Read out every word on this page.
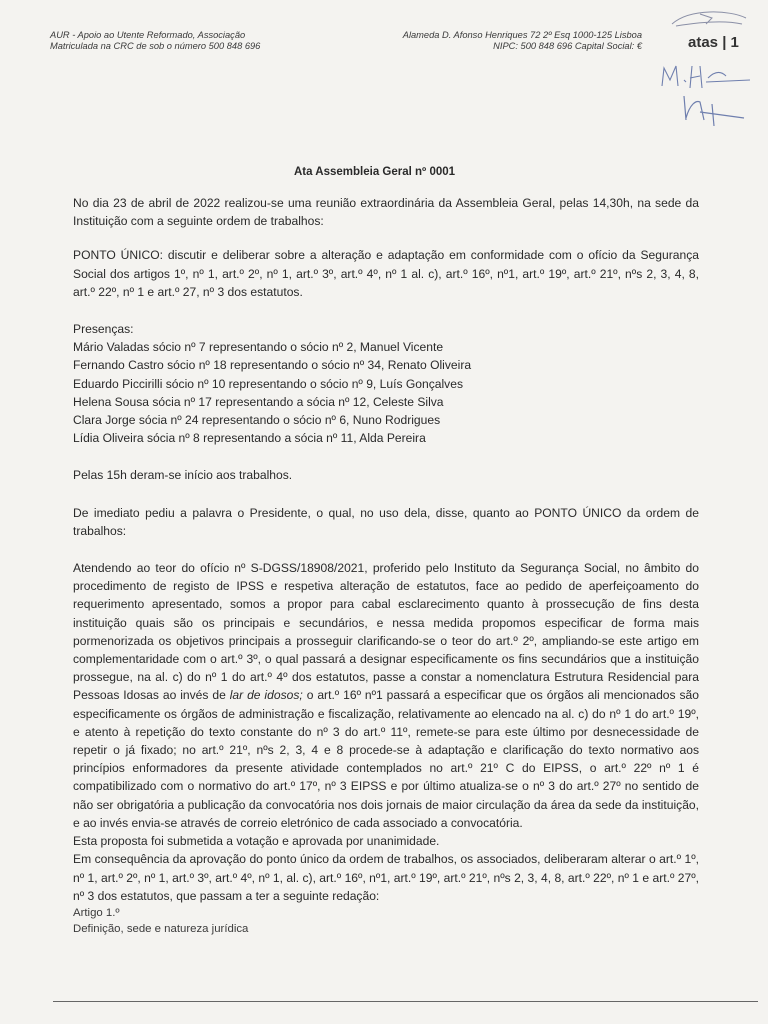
AUR - Apoio ao Utente Reformado, Associação
Matriculada na CRC de sob o número 500 848 696
Alameda D. Afonso Henriques 72 2º Esq 1000-125 Lisboa
NIPC: 500 848 696 Capital Social: €	atas | 1
Ata Assembleia Geral nº 0001

No dia 23 de abril de 2022 realizou-se uma reunião extraordinária da Assembleia Geral, pelas 14,30h, na sede da Instituição com a seguinte ordem de trabalhos:

PONTO ÚNICO: discutir e deliberar sobre a alteração e adaptação em conformidade com o ofício da Segurança Social dos artigos 1º, nº 1, art.º 2º, nº 1, art.º 3º, art.º 4º, nº 1 al. c), art.º 16º, nº1, art.º 19º, art.º 21º, nºs 2, 3, 4, 8, art.º 22º, nº 1 e art.º 27, nº 3 dos estatutos.

Presenças:

Mário Valadas sócio nº 7 representando o sócio nº 2, Manuel Vicente

Fernando Castro sócio nº 18 representando o sócio nº 34, Renato Oliveira

Eduardo Piccirilli sócio nº 10 representando o sócio nº 9, Luís Gonçalves

Helena Sousa sócia nº 17 representando a sócia nº 12, Celeste Silva

Clara Jorge sócia nº 24 representando o sócio nº 6, Nuno Rodrigues

Lídia Oliveira sócia nº 8 representando a sócia nº 11, Alda Pereira

Pelas 15h deram-se início aos trabalhos.

De imediato pediu a palavra o Presidente, o qual, no uso dela, disse, quanto ao PONTO ÚNICO da ordem de trabalhos:

Atendendo ao teor do ofício nº S-DGSS/18908/2021, proferido pelo Instituto da Segurança Social, no âmbito do procedimento de registo de IPSS e respetiva alteração de estatutos, face ao pedido de aperfeiçoamento do requerimento apresentado, somos a propor para cabal esclarecimento quanto à prossecução de fins desta instituição quais são os principais e secundários, e nessa medida propomos especificar de forma mais pormenorizada os objetivos principais a prosseguir clarificando-se o teor do art.º 2º, ampliando-se este artigo em complementaridade com o art.º 3º, o qual passará a designar especificamente os fins secundários que a instituição prossegue, na al. c) do nº 1 do art.º 4º dos estatutos, passe a constar a nomenclatura Estrutura Residencial para Pessoas Idosas ao invés de lar de idosos; o art.º 16º nº1 passará a especificar que os órgãos ali mencionados são especificamente os órgãos de administração e fiscalização, relativamente ao elencado na al. c) do nº 1 do art.º 19º, e atento à repetição do texto constante do nº 3 do art.º 11º, remete-se para este último por desnecessidade de repetir o já fixado; no art.º 21º, nºs 2, 3, 4 e 8 procede-se à adaptação e clarificação do texto normativo aos princípios enformadores da presente atividade contemplados no art.º 21º C do EIPSS, o art.º 22º nº 1 é compatibilizado com o normativo do art.º 17º, nº 3 EIPSS e por último atualiza-se o nº 3 do art.º 27º no sentido de não ser obrigatória a publicação da convocatória nos dois jornais de maior circulação da área da sede da instituição, e ao invés envia-se através de correio eletrónico de cada associado a convocatória.

Esta proposta foi submetida a votação e aprovada por unanimidade.

Em consequência da aprovação do ponto único da ordem de trabalhos, os associados, deliberaram alterar o art.º 1º, nº 1, art.º 2º, nº 1, art.º 3º, art.º 4º, nº 1, al. c), art.º 16º, nº1, art.º 19º, art.º 21º, nºs 2, 3, 4, 8, art.º 22º, nº 1 e art.º 27º, nº 3 dos estatutos, que passam a ter a seguinte redação:

Artigo 1.º

Definição, sede e natureza jurídica
